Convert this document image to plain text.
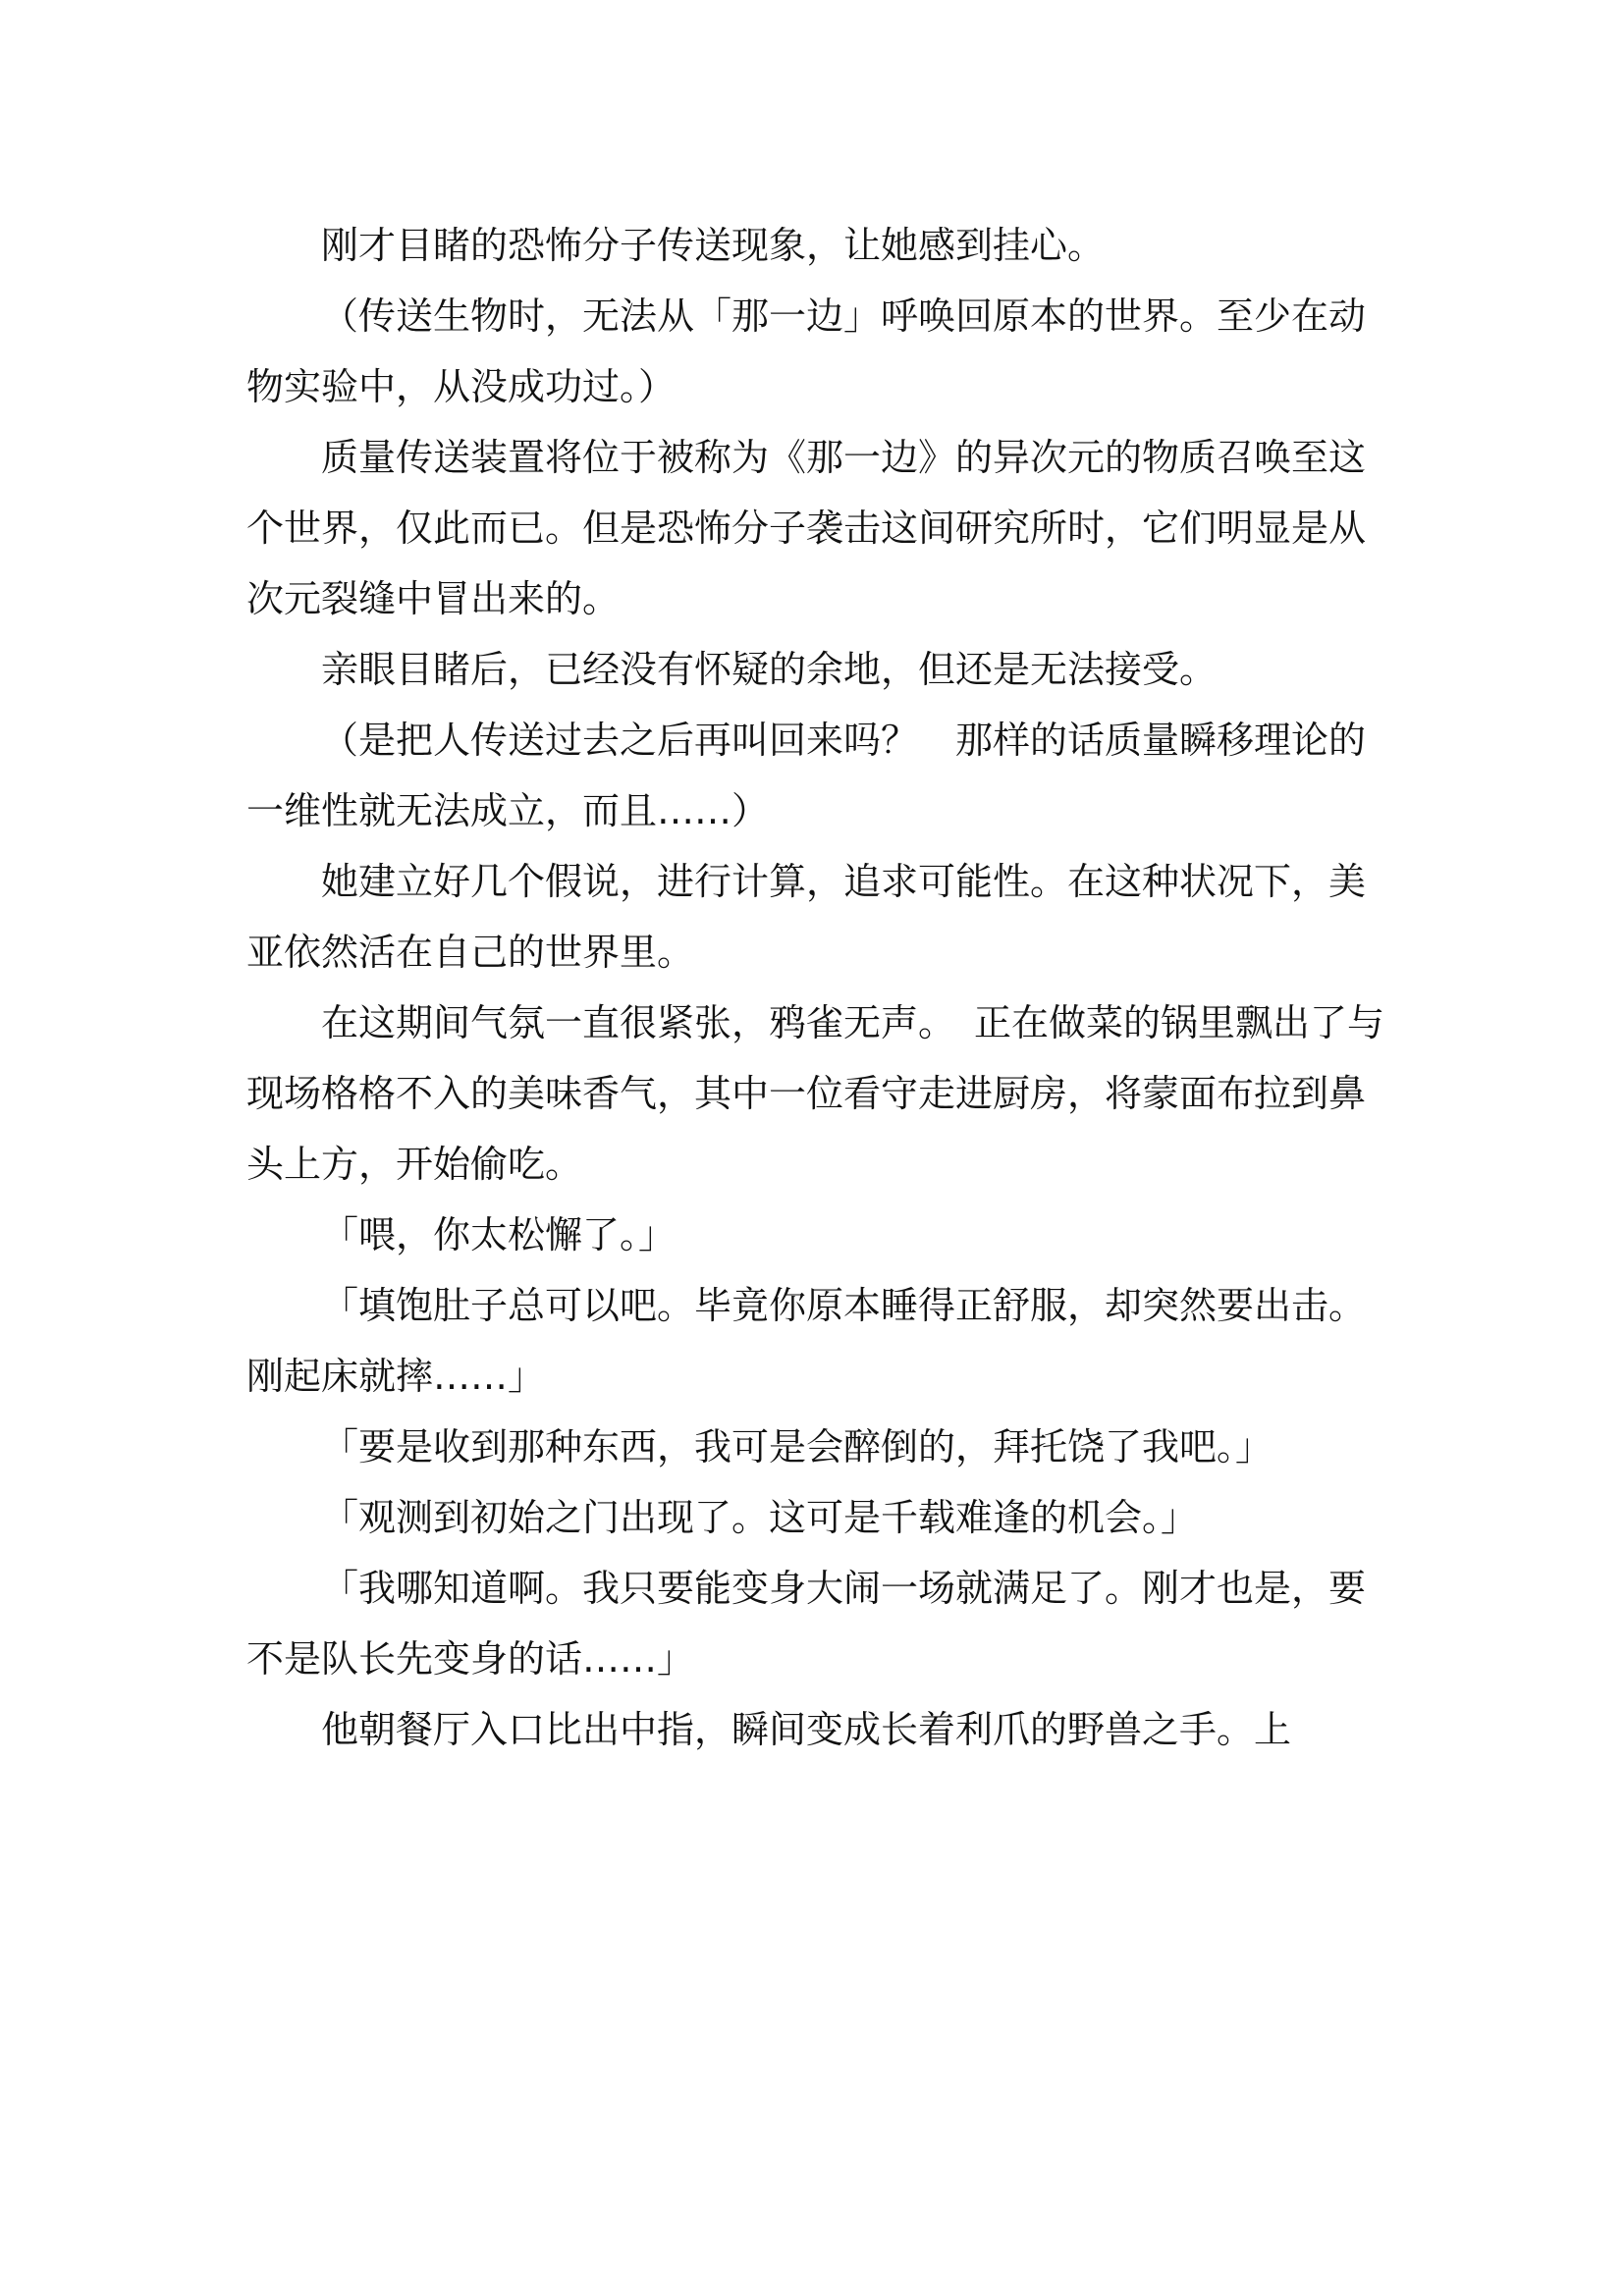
刚才目睹的恐怖分子传送现象，让她感到挂心。

（传送生物时，无法从「那一边」呼唤回原本的世界。至少在动物实验中，从没成功过。）

质量传送装置将位于被称为《那一边》的异次元的物质召唤至这个世界，仅此而已。但是恐怖分子袭击这间研究所时，它们明显是从次元裂缝中冒出来的。

亲眼目睹后，已经没有怀疑的余地，但还是无法接受。

（是把人传送过去之后再叫回来吗？　那样的话质量瞬移理论的一维性就无法成立，而且……）

她建立好几个假说，进行计算，追求可能性。在这种状况下，美亚依然活在自己的世界里。

在这期间气氛一直很紧张，鸦雀无声。　正在做菜的锅里飘出了与现场格格不入的美味香气，其中一位看守走进厨房，将蒙面布拉到鼻头上方，开始偷吃。

「喂，你太松懈了。」

「填饱肚子总可以吧。毕竟你原本睡得正舒服，却突然要出击。刚起床就摔……」

「要是收到那种东西，我可是会醉倒的，拜托饶了我吧。」

「观测到初始之门出现了。这可是千载难逢的机会。」

「我哪知道啊。我只要能变身大闹一场就满足了。刚才也是，要不是队长先变身的话……」

他朝餐厅入口比出中指，瞬间变成长着利爪的野兽之手。上
